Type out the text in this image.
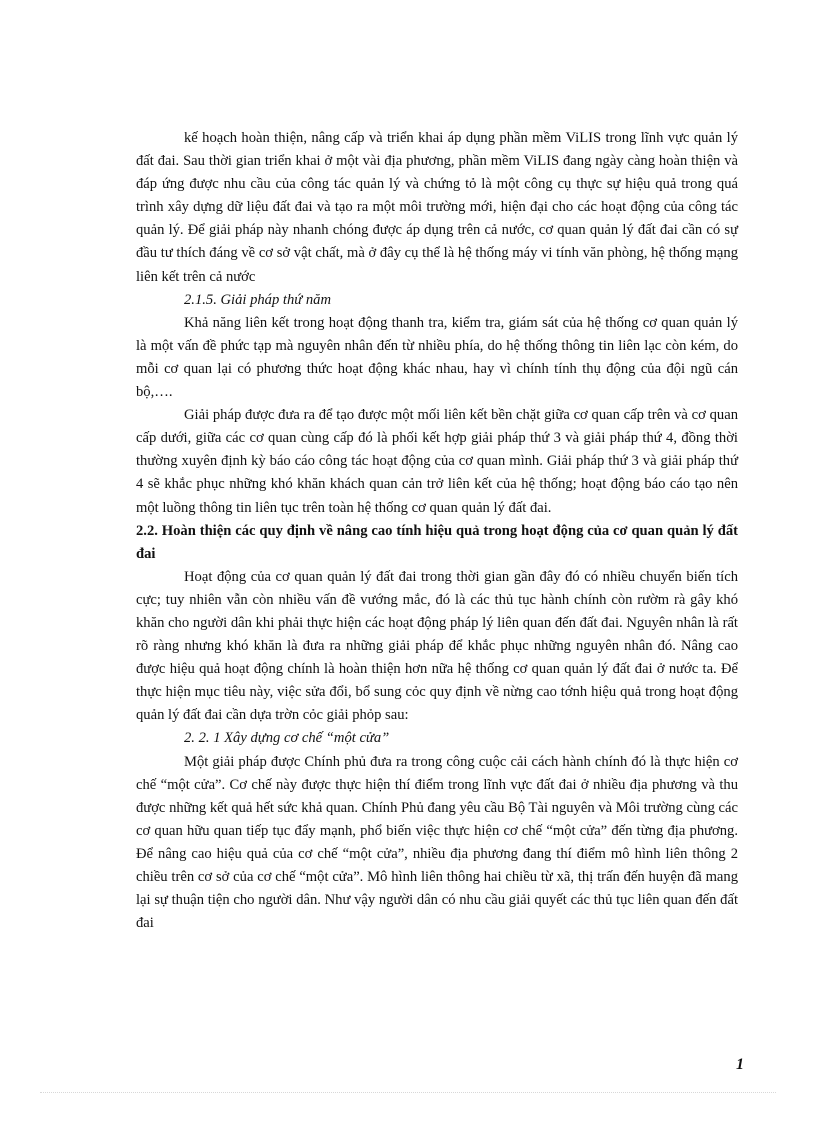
kế hoạch hoàn thiện, nâng cấp và triển khai áp dụng phần mềm ViLIS trong lĩnh vực quản lý đất đai. Sau thời gian triển khai ở một vài địa phương, phần mềm ViLIS đang ngày càng hoàn thiện và đáp ứng được nhu cầu của công tác quản lý và chứng tỏ là một công cụ thực sự hiệu quả trong quá trình xây dựng dữ liệu đất đai và tạo ra một môi trường mới, hiện đại cho các hoạt động của công tác quản lý. Để giải pháp này nhanh chóng được áp dụng trên cả nước, cơ quan quản lý đất đai cần có sự đầu tư thích đáng về cơ sở vật chất, mà ở đây cụ thể là hệ thống máy vi tính văn phòng, hệ thống mạng liên kết trên cả nước

2.1.5. Giải pháp thứ năm

Khả năng liên kết trong hoạt động thanh tra, kiểm tra, giám sát của hệ thống cơ quan quản lý là một vấn đề phức tạp mà nguyên nhân đến từ nhiều phía, do hệ thống thông tin liên lạc còn kém, do mỗi cơ quan lại có phương thức hoạt động khác nhau, hay vì chính tính thụ động của đội ngũ cán bộ,….

Giải pháp được đưa ra để tạo được một mối liên kết bền chặt giữa cơ quan cấp trên và cơ quan cấp dưới, giữa các cơ quan cùng cấp đó là phối kết hợp giải pháp thứ 3 và giải pháp thứ 4, đồng thời thường xuyên định kỳ báo cáo công tác hoạt động của cơ quan mình. Giải pháp thứ 3 và giải pháp thứ 4 sẽ khắc phục những khó khăn khách quan cản trở liên kết của hệ thống; hoạt động báo cáo tạo nên một luồng thông tin liên tục trên toàn hệ thống cơ quan quản lý đất đai.

2.2. Hoàn thiện các quy định về nâng cao tính hiệu quả trong hoạt động của cơ quan quản lý đất đai

Hoạt động của cơ quan quản lý đất đai trong thời gian gần đây đó có nhiều chuyển biến tích cực; tuy nhiên vẫn còn nhiều vấn đề vướng mắc, đó là các thủ tục hành chính còn rườm rà gây khó khăn cho người dân khi phải thực hiện các hoạt động pháp lý liên quan đến đất đai. Nguyên nhân là rất rõ ràng nhưng khó khăn là đưa ra những giải pháp để khắc phục những nguyên nhân đó. Nâng cao được hiệu quả hoạt động chính là hoàn thiện hơn nữa hệ thống cơ quan quản lý đất đai ở nước ta. Để thực hiện mục tiêu này, việc sửa đổi, bổ sung cỏc quy định về nừng cao tớnh hiệu quả trong hoạt động quản lý đất đai cần dựa trờn cỏc giải phỏp sau:

2. 2. 1 Xây dựng cơ chế “một cửa”

Một giải pháp được Chính phủ đưa ra trong công cuộc cải cách hành chính đó là thực hiện cơ chế “một cửa”. Cơ chế này được thực hiện thí điểm trong lĩnh vực đất đai ở nhiều địa phương và thu được những kết quả hết sức khả quan. Chính Phủ đang yêu cầu Bộ Tài nguyên và Môi trường cùng các cơ quan hữu quan tiếp tục đẩy mạnh, phổ biến việc thực hiện cơ chế “một cửa” đến từng địa phương. Để nâng cao hiệu quả của cơ chế “một cửa”, nhiều địa phương đang thí điểm mô hình liên thông 2 chiều trên cơ sở của cơ chế “một cửa”. Mô hình liên thông hai chiều từ xã, thị trấn đến huyện đã mang lại sự thuận tiện cho người dân. Như vậy người dân có nhu cầu giải quyết các thủ tục liên quan đến đất đai

1
